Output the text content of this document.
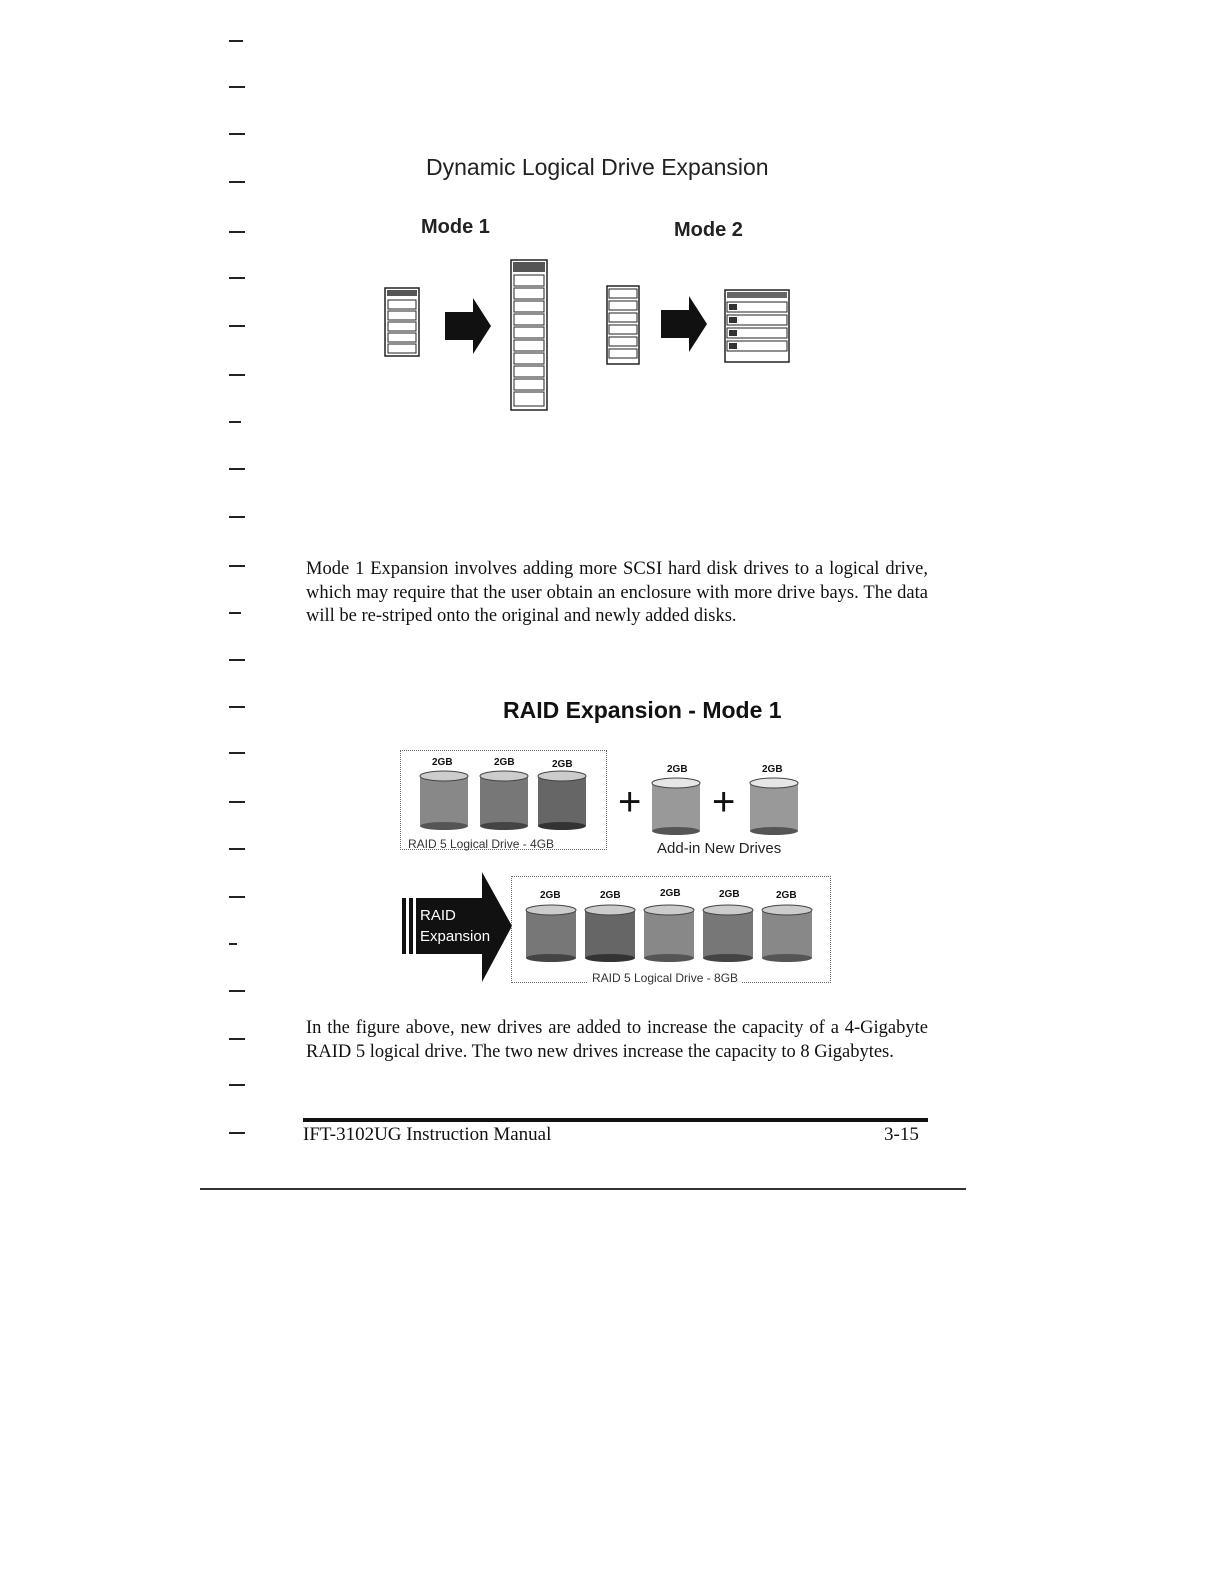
Dynamic Logical Drive Expansion
Mode 1	Mode 2
Mode 1 Expansion involves adding more SCSI hard disk drives to a logical drive, which may require that the user obtain an enclosure with more drive bays. The data will be re-striped onto the original and newly added disks.
RAID Expansion - Mode 1
2GB	2GB	2GB
RAID 5 Logical Drive - 4GB
+ +
2GB	2GB
Add-in New Drives
RAID
Expansion
2GB	2GB	2GB	2GB	2GB
RAID 5 Logical Drive - 8GB
In the figure above, new drives are added to increase the capacity of a 4-Gigabyte RAID 5 logical drive. The two new drives increase the capacity to 8 Gigabytes.
IFT-3102UG Instruction Manual	3-15
